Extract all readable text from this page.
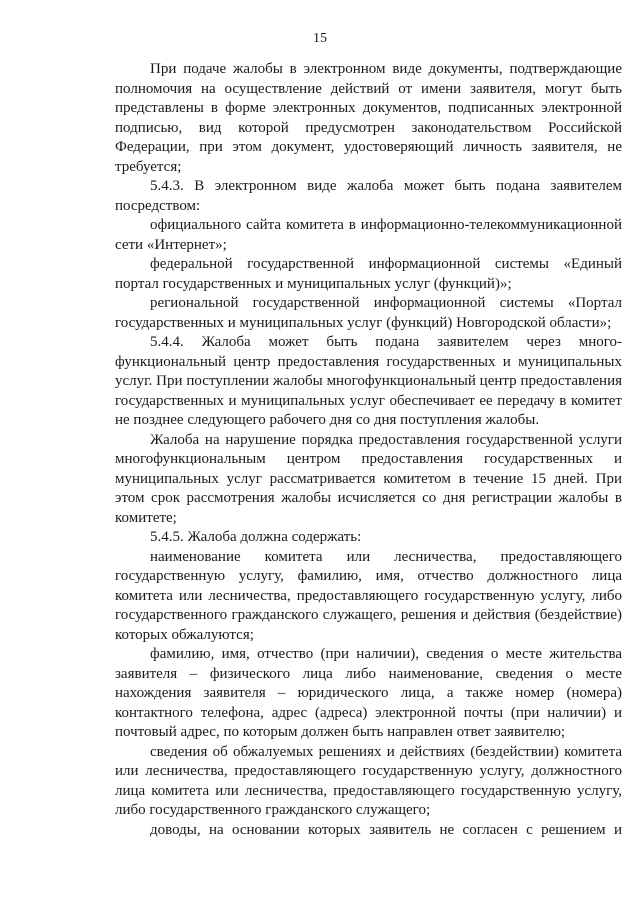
15

При подаче жалобы в электронном виде документы, подтверждающие полномочия на осуществление действий от имени заявителя, могут быть представлены в форме электронных документов, подписанных электронной подписью, вид которой предусмотрен законодательством Российской Федерации, при этом документ, удостоверяющий личность заявителя, не требуется;

5.4.3. В электронном виде жалоба может быть подана заявителем посредством:

официального сайта комитета в информационно-телекоммуникационной сети «Интернет»;

федеральной государственной информационной системы «Единый портал государственных и муниципальных услуг (функций)»;

региональной государственной информационной системы «Портал государственных и муниципальных услуг (функций) Новгородской области»;

5.4.4. Жалоба может быть подана заявителем через многофункциональный центр предоставления государственных и муниципальных услуг. При поступлении жалобы многофункциональный центр предоставления государственных и муниципальных услуг обеспечивает ее передачу в комитет не позднее следующего рабочего дня со дня поступления жалобы.

Жалоба на нарушение порядка предоставления государственной услуги многофункциональным центром предоставления государственных и муниципальных услуг рассматривается комитетом в течение 15 дней. При этом срок рассмотрения жалобы исчисляется со дня регистрации жалобы в комитете;

5.4.5. Жалоба должна содержать:

наименование комитета или лесничества, предоставляющего государственную услугу, фамилию, имя, отчество должностного лица комитета или лесничества, предоставляющего государственную услугу, либо государственного гражданского служащего, решения и действия (бездействие) которых обжалуются;

фамилию, имя, отчество (при наличии), сведения о месте жительства заявителя – физического лица либо наименование, сведения о месте нахождения заявителя – юридического лица, а также номер (номера) контактного телефона, адрес (адреса) электронной почты (при наличии) и почтовый адрес, по которым должен быть направлен ответ заявителю;

сведения об обжалуемых решениях и действиях (бездействии) комитета или лесничества, предоставляющего государственную услугу, должностного лица комитета или лесничества, предоставляющего государственную услугу, либо государственного гражданского служащего;

доводы, на основании которых заявитель не согласен с решением и
